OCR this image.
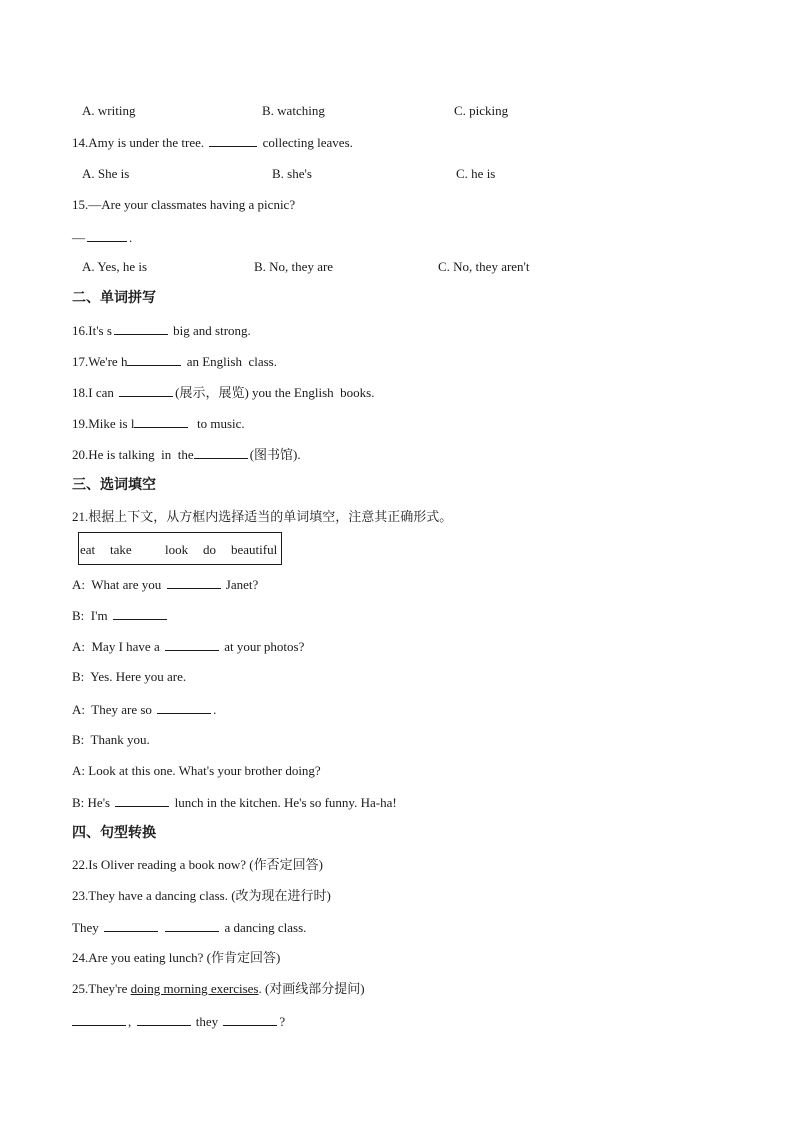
A. writing	B. watching	C. picking
14.Amy is under the tree.	collecting leaves.
A. She is	B. she's	C. he is
15.—Are your classmates having a picnic?
—	.
A. Yes, he is	B. No, they are	C. No, they aren't
二、单词拼写
16.It's s	big and strong.
17.We're h	an English  class.
18.I can	(展示，展览) you the English  books.
19.Mike is l	to music.
20.He is talking  in  the	(图书馆).
三、选词填空
21.根据上下文，从方框内选择适当的单词填空，注意其正确形式。
eat take	look do beautiful
A:  What are you	Janet?
B:  I'm
A:  May I have a	at your photos?
B:  Yes. Here you are.
A:  They are so	.
B:  Thank you.
A: Look at this one. What's your brother doing?
B: He's	lunch in the kitchen. He's so funny. Ha-ha!
四、句型转换
22.Is Oliver reading a book now? (作否定回答)
23.They have a dancing class. (改为现在进行时)
They	a dancing class.
24.Are you eating lunch? (作肯定回答)
25.They're doing morning exercises. (对画线部分提问)
,	they	?
